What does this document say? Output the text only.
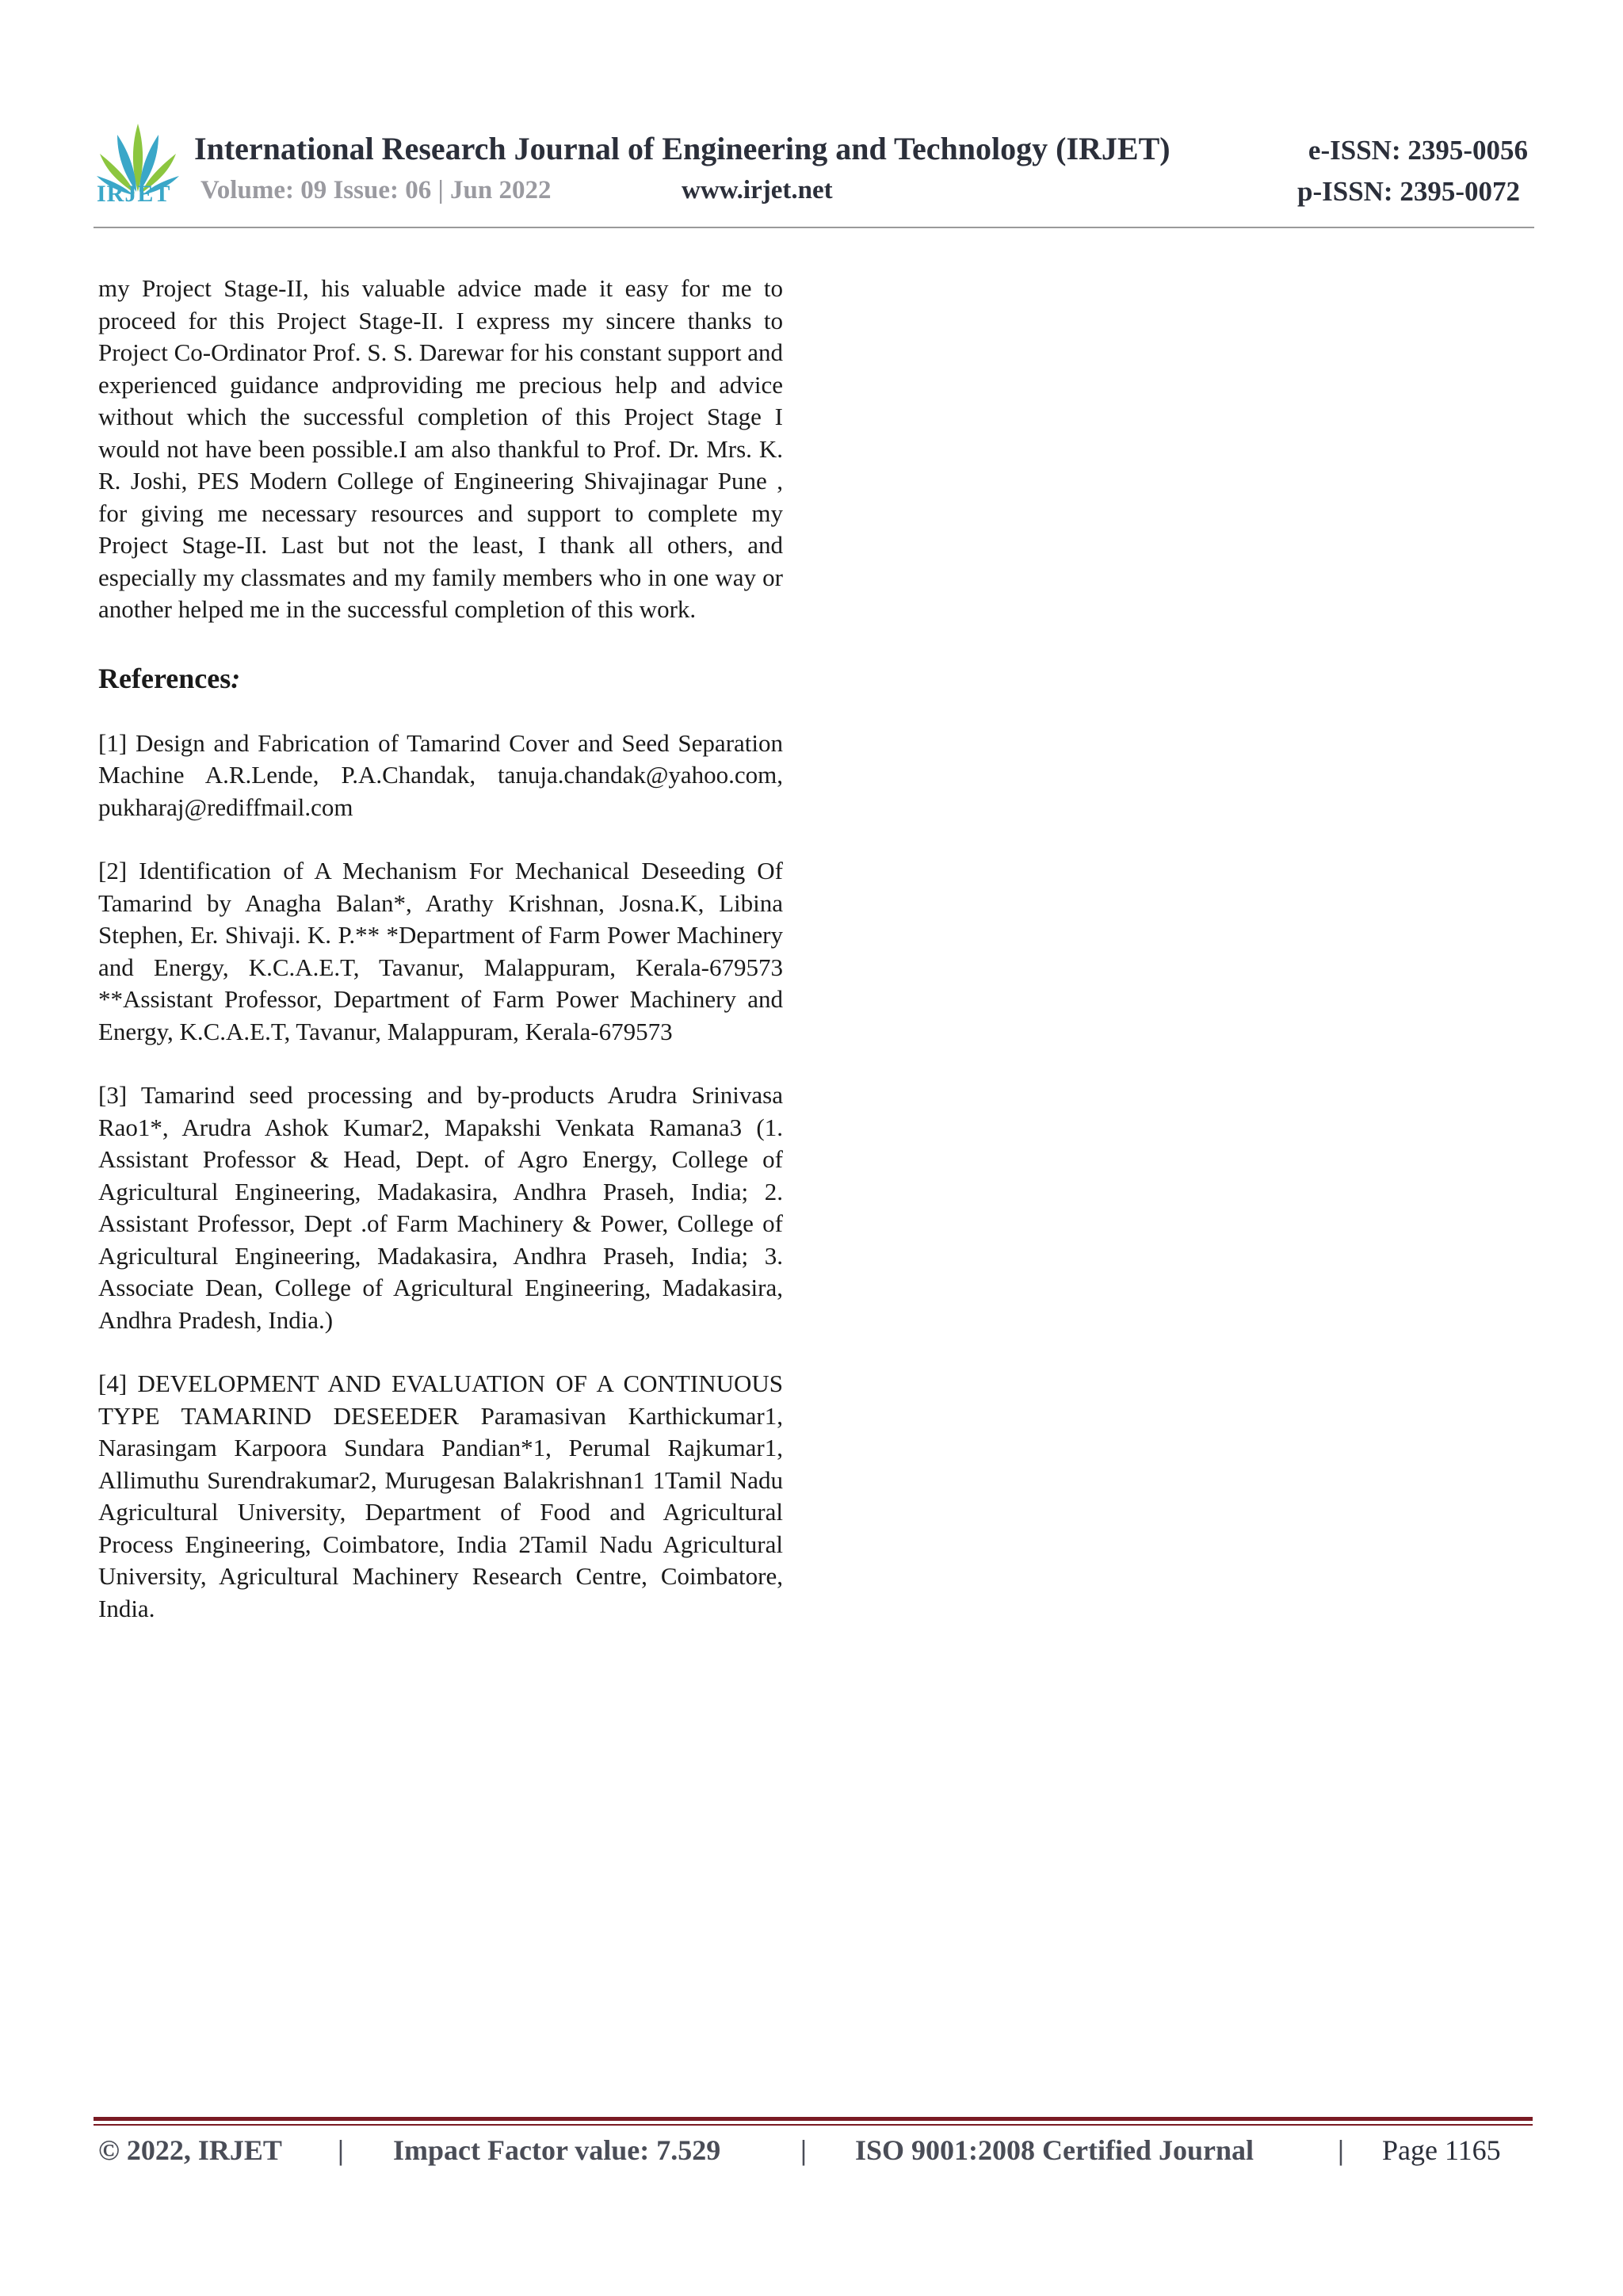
IRJET
International Research Journal of Engineering and Technology (IRJET)	e-ISSN: 2395-0056
Volume: 09 Issue: 06 | Jun 2022	www.irjet.net	p-ISSN: 2395-0072

my Project Stage-II, his valuable advice made it easy for me to proceed for this Project Stage-II. I express my sincere thanks to Project Co-Ordinator Prof. S. S. Darewar for his constant support and experienced guidance andproviding me precious help and advice without which the successful completion of this Project Stage I would not have been possible.I am also thankful to Prof. Dr. Mrs. K. R. Joshi, PES Modern College of Engineering Shivajinagar Pune , for giving me necessary resources and support to complete my Project Stage-II. Last but not the least, I thank all others, and especially my classmates and my family members who in one way or another helped me in the successful completion of this work.

References:

[1] Design and Fabrication of Tamarind Cover and Seed Separation Machine A.R.Lende, P.A.Chandak, tanuja.chandak@yahoo.com, pukharaj@rediffmail.com

[2] Identification of A Mechanism For Mechanical Deseeding Of Tamarind by Anagha Balan*, Arathy Krishnan, Josna.K, Libina Stephen, Er. Shivaji. K. P.** *Department of Farm Power Machinery and Energy, K.C.A.E.T, Tavanur, Malappuram, Kerala-679573 **Assistant Professor, Department of Farm Power Machinery and Energy, K.C.A.E.T, Tavanur, Malappuram, Kerala-679573

[3] Tamarind seed processing and by-products Arudra Srinivasa Rao1*, Arudra Ashok Kumar2, Mapakshi Venkata Ramana3 (1. Assistant Professor & Head, Dept. of Agro Energy, College of Agricultural Engineering, Madakasira, Andhra Praseh, India; 2. Assistant Professor, Dept .of Farm Machinery & Power, College of Agricultural Engineering, Madakasira, Andhra Praseh, India; 3. Associate Dean, College of Agricultural Engineering, Madakasira, Andhra Pradesh, India.)

[4] DEVELOPMENT AND EVALUATION OF A CONTINUOUS TYPE TAMARIND DESEEDER Paramasivan Karthickumar1, Narasingam Karpoora Sundara Pandian*1, Perumal Rajkumar1, Allimuthu Surendrakumar2, Murugesan Balakrishnan1 1Tamil Nadu Agricultural University, Department of Food and Agricultural Process Engineering, Coimbatore, India 2Tamil Nadu Agricultural University, Agricultural Machinery Research Centre, Coimbatore, India.

© 2022, IRJET | Impact Factor value: 7.529	| ISO 9001:2008 Certified Journal	| Page 1165
